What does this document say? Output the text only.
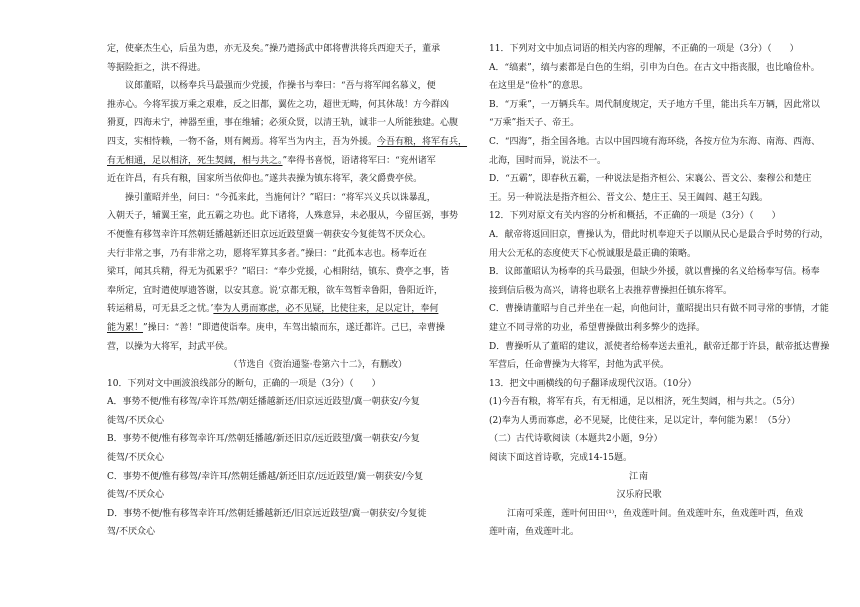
定，使豪杰生心，后虽为患，亦无及矣。”操乃遣扬武中郎将曹洪将兵西迎天子，董承
等据险拒之，洪不得进。
议郎董昭，以杨奉兵马最强而少党援，作操书与奉曰：“吾与将军闻名慕义，便
推赤心。今将军拔万乘之艰难，反之旧都，翼佐之功，超世无畴，何其休哉！方今群凶
猾夏，四海未宁，神器至重，事在维辅；必须众贤，以清王轨，诚非一人所能独建。心腹
四支，实相恃赖，一物不备，则有阙焉。将军当为内主，吾为外援。今吾有粮，将军有兵，
有无相通，足以相济，死生契阔，相与共之。”奉得书喜悦，语诸将军曰：“兖州诸军
近在许昌，有兵有粮，国家所当依仰也。”遂共表操为镇东将军，袭父爵费亭侯。
操引董昭并坐，问曰：“今孤来此，当施何计？”昭曰：“将军兴义兵以诛暴乱，
入朝天子，辅翼王室，此五霸之功也。此下诸将，人殊意异，未必服从，今留匡弼，事势
不便惟有移驾幸许耳然朝廷播越新还旧京远近跂望冀一朝获安今复徙驾不厌众心。
夫行非常之事，乃有非常之功，愿将军算其多者。”操曰：“此孤本志也。杨奉近在
梁耳，闻其兵精，得无为孤累乎？”昭曰：“奉少党援，心相附结，镇东、费亭之事，皆
奉所定，宜时遣使厚遗答谢，以安其意。说‘京都无粮，欲车驾暂幸鲁阳，鲁阳近许，
转运稍易，可无县乏之忧。’奉为人勇而寡虑，必不见疑，比使往来，足以定计，奉何
能为累！”操曰：“善！”即遣使诣奉。庚申，车驾出辕而东，遂迁都许。己巳，幸曹操
营，以操为大将军，封武平侯。
（节选自《资治通鉴·卷第六十二》，有删改）
10．下列对文中画波浪线部分的断句，正确的一项是（3分）（　　）
A．事势不便/惟有移驾/幸许耳然/朝廷播越新还/旧京远近跂望/冀一朝获安/今复
徙驾/不厌众心
B．事势不便/惟有移驾幸许耳/然朝廷播越/新还旧京/远近跂望/冀一朝获安/今复
徙驾/不厌众心
C．事势不便/惟有移驾/幸许耳/然朝廷播越/新还旧京/远近跂望/冀一朝获安/今复
徙驾/不厌众心
D．事势不便/惟有移驾幸许耳/然朝廷播越新还/旧京远近跂望/冀一朝获安/今复徙
驾/不厌众心
11．下列对文中加点词语的相关内容的理解，不正确的一项是（3分）（　　）
A．“缟素”，缟与素都是白色的生绢，引申为白色。在古文中指丧服，也比喻俭朴。
在这里是“俭朴”的意思。
B．“万乘”，一万辆兵车。周代制度规定，天子地方千里，能出兵车万辆，因此常以
“万乘”指天子、帝王。
C．“四海”，指全国各地。古以中国四境有海环绕，各按方位为东海、南海、西海、
北海，国时而异，说法不一。
D．“五霸”，即春秋五霸，一种说法是指齐桓公、宋襄公、晋文公、秦穆公和楚庄
王。另一种说法是指齐桓公、晋文公、楚庄王、吴王阖闾、越王勾践。
12．下列对原文有关内容的分析和概括，不正确的一项是（3分）（　　）
A．献帝将返回旧京，曹操认为，借此时机奉迎天子以顺从民心是最合乎时势的行动，
用大公无私的态度使天下心悦诚服是最正确的策略。
B．议郎董昭认为杨奉的兵马最强，但缺少外援，就以曹操的名义给杨奉写信。杨奉
接到信后极为高兴，请将也联名上表推荐曹操担任镇东将军。
C．曹操请董昭与自己并坐在一起，向他问计，董昭提出只有做不同寻常的事情，才能
建立不同寻常的功业，希望曹操做出利多弊少的选择。
D．曹操听从了董昭的建议，派使者给杨奉送去重礼，献帝迁都于许县，献帝抵达曹操
军营后，任命曹操为大将军，封他为武平侯。
13．把文中画横线的句子翻译成现代汉语。（10分）
(1)今吾有粮，将军有兵，有无相通，足以相济，死生契阔，相与共之。（5分）
(2)奉为人勇而寡虑，必不见疑，比使往来，足以定计，奉何能为累！（5分）
（二）古代诗歌阅读（本题共2小题，9分）
阅读下面这首诗歌，完成14-15题。
江南
汉乐府民歌
江南可采莲，莲叶何田田⁽¹⁾，鱼戏莲叶间。鱼戏莲叶东，鱼戏莲叶西，鱼戏
莲叶南，鱼戏莲叶北。
